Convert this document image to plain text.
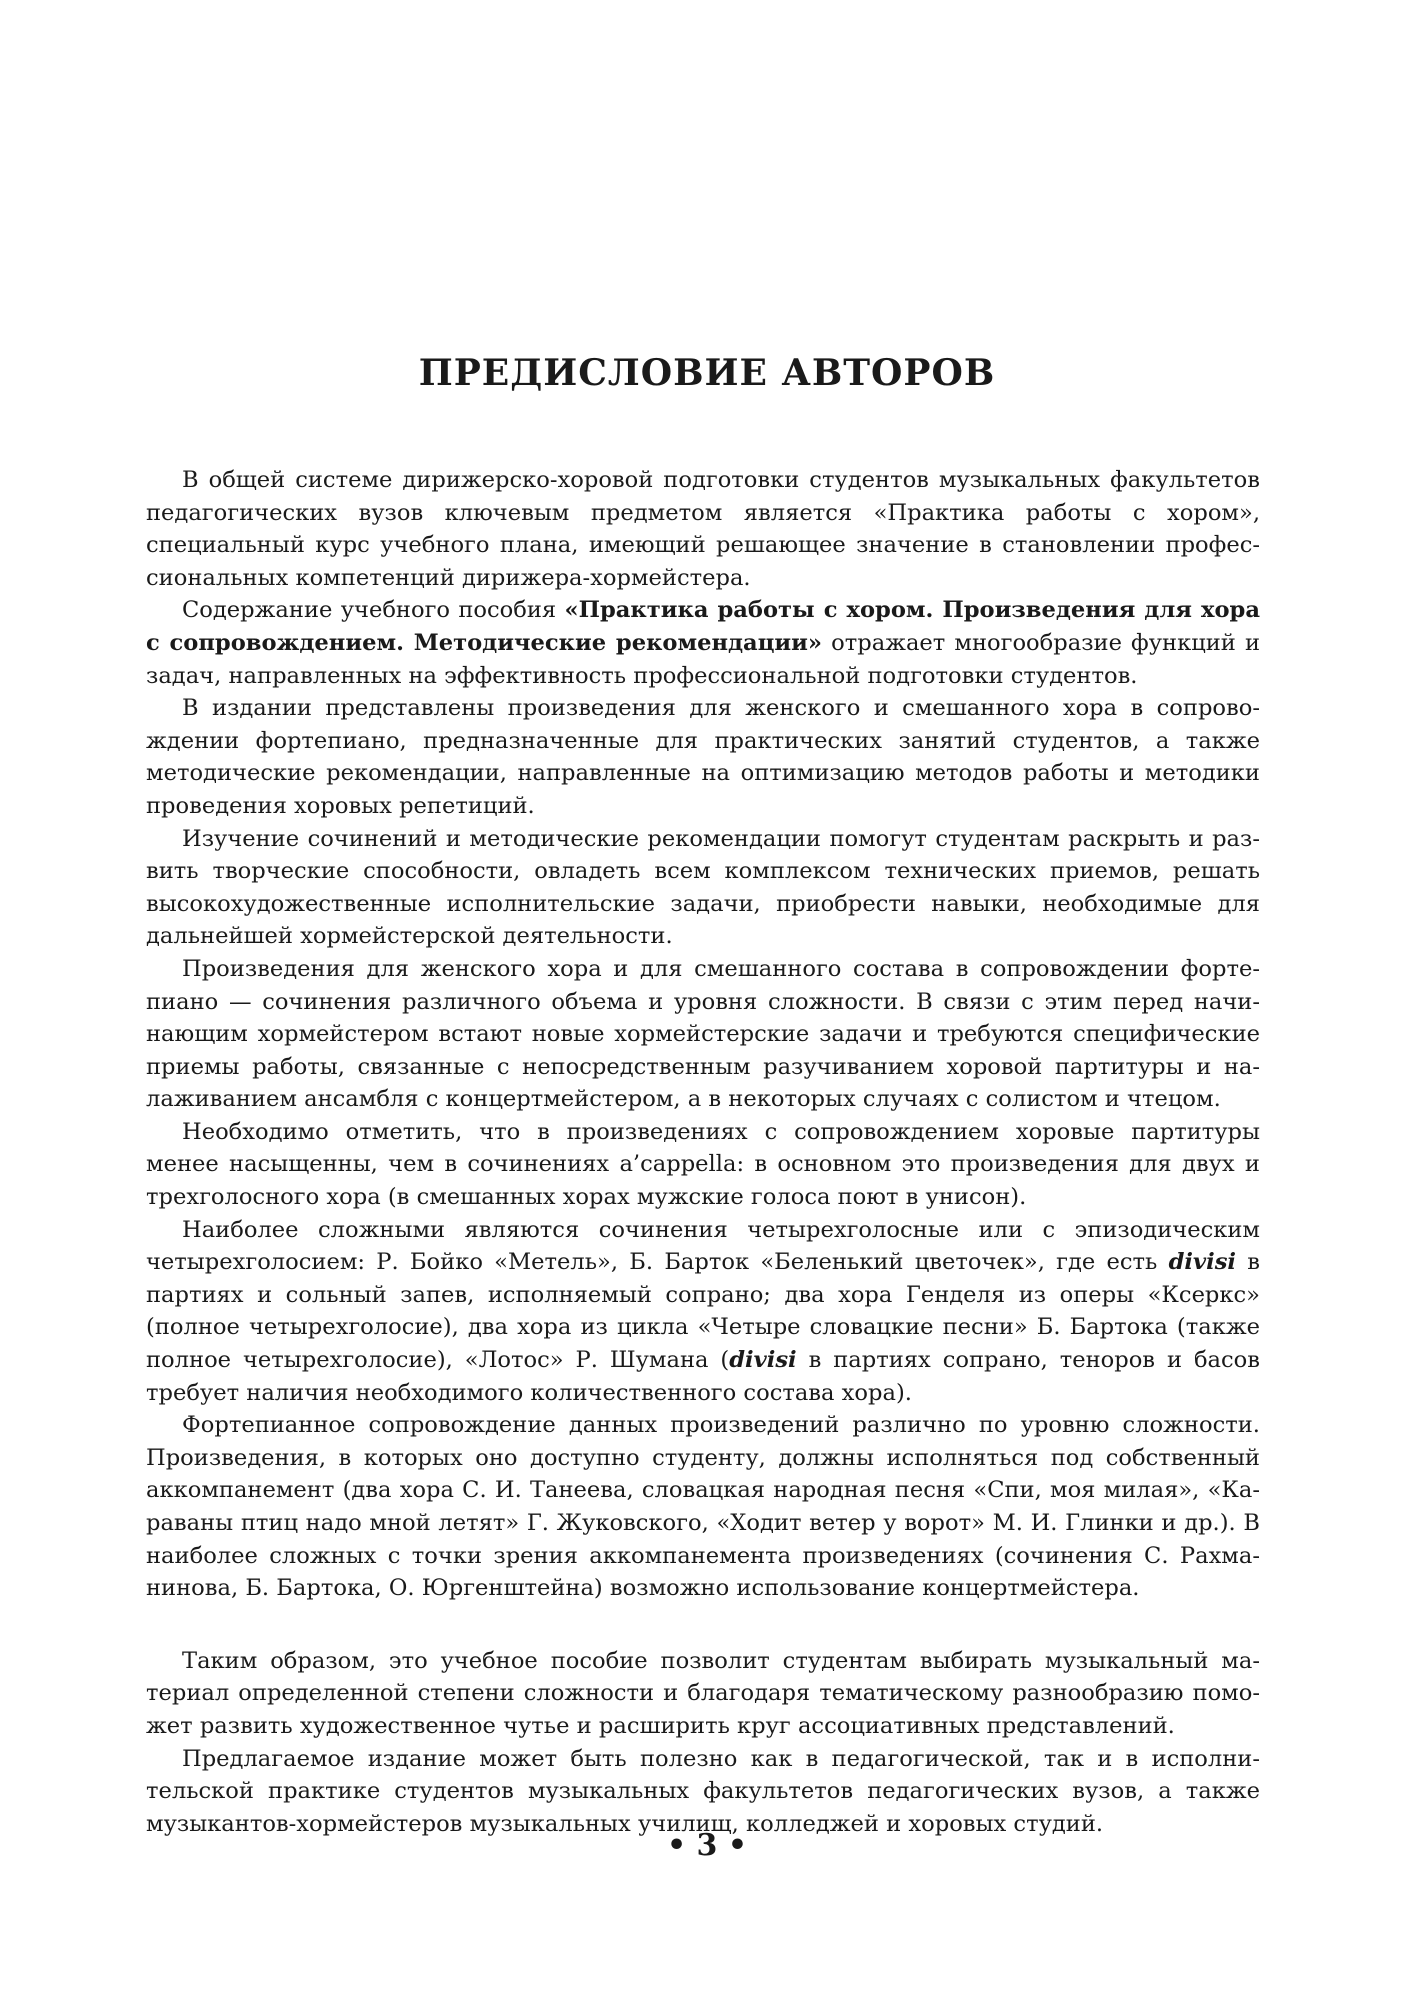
ПРЕДИСЛОВИЕ АВТОРОВ

В общей системе дирижерско-хоровой подготовки студентов музыкальных факультетов педагогических вузов ключевым предметом является «Практика работы с хором», специальный курс учебного плана, имеющий решающее значение в становлении профессиональных компетенций дирижера-хормейстера.

Содержание учебного пособия «Практика работы с хором. Произведения для хора с сопровождением. Методические рекомендации» отражает многообразие функций и задач, направленных на эффективность профессиональной подготовки студентов.

В издании представлены произведения для женского и смешанного хора в сопровождении фортепиано, предназначенные для практических занятий студентов, а также методические рекомендации, направленные на оптимизацию методов работы и методики проведения хоровых репетиций.

Изучение сочинений и методические рекомендации помогут студентам раскрыть и развить творческие способности, овладеть всем комплексом технических приемов, решать высокохудожественные исполнительские задачи, приобрести навыки, необходимые для дальнейшей хормейстерской деятельности.

Произведения для женского хора и для смешанного состава в сопровождении фортепиано — сочинения различного объема и уровня сложности. В связи с этим перед начинающим хормейстером встают новые хормейстерские задачи и требуются специфические приемы работы, связанные с непосредственным разучиванием хоровой партитуры и налаживанием ансамбля с концертмейстером, а в некоторых случаях с солистом и чтецом.

Необходимо отметить, что в произведениях с сопровождением хоровые партитуры менее насыщенны, чем в сочинениях a’cappella: в основном это произведения для двух и трехголосного хора (в смешанных хорах мужские голоса поют в унисон).

Наиболее сложными являются сочинения четырехголосные или с эпизодическим четырехголосием: Р. Бойко «Метель», Б. Барток «Беленький цветочек», где есть divisi в партиях и сольный запев, исполняемый сопрано; два хора Генделя из оперы «Ксеркс» (полное четырехголосие), два хора из цикла «Четыре словацкие песни» Б. Бартока (также полное четырехголосие), «Лотос» Р. Шумана (divisi в партиях сопрано, теноров и басов требует наличия необходимого количественного состава хора).

Фортепианное сопровождение данных произведений различно по уровню сложности. Произведения, в которых оно доступно студенту, должны исполняться под собственный аккомпанемент (два хора С. И. Танеева, словацкая народная песня «Спи, моя милая», «Караваны птиц надо мной летят» Г. Жуковского, «Ходит ветер у ворот» М. И. Глинки и др.). В наиболее сложных с точки зрения аккомпанемента произведениях (сочинения С. Рахманинова, Б. Бартока, О. Юргенштейна) возможно использование концертмейстера.

Таким образом, это учебное пособие позволит студентам выбирать музыкальный материал определенной степени сложности и благодаря тематическому разнообразию поможет развить художественное чутье и расширить круг ассоциативных представлений.

Предлагаемое издание может быть полезно как в педагогической, так и в исполнительской практике студентов музыкальных факультетов педагогических вузов, а также музыкантов-хормейстеров музыкальных училищ, колледжей и хоровых студий.

• 3 •
